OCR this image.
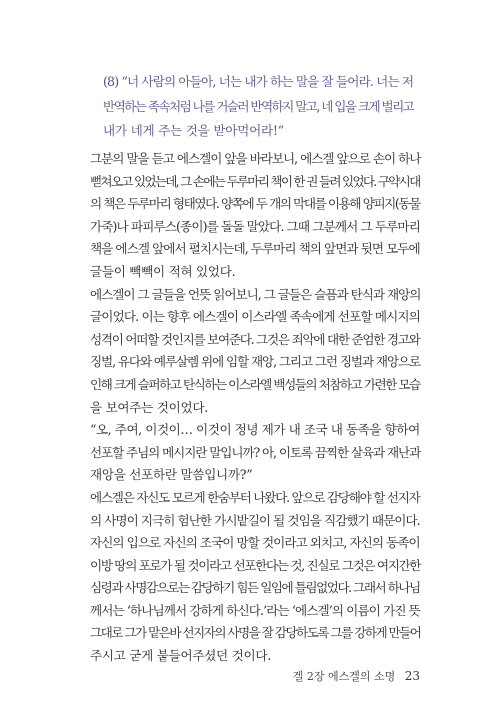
(8) “너 사람의 아들아, 너는 내가 하는 말을 잘 들어라. 너는 저
반역하는 족속처럼 나를 거슬러 반역하지 말고, 네 입을 크게 벌리고
내가 네게 주는 것을 받아먹어라!”
그분의 말을 듣고 에스겔이 앞을 바라보니, 에스겔 앞으로 손이 하나
뻗쳐오고 있었는데, 그 손에는 두루마리 책이 한 권 들려 있었다. 구약시대
의 책은 두루마리 형태였다. 양쪽에 두 개의 막대를 이용해 양피지(동물
가죽)나 파피루스(종이)를 돌돌 말았다. 그때 그분께서 그 두루마리
책을 에스겔 앞에서 펼치시는데, 두루마리 책의 앞면과 뒷면 모두에
글들이 빽빽이 적혀 있었다.
에스겔이 그 글들을 언뜻 읽어보니, 그 글들은 슬픔과 탄식과 재앙의
글이었다. 이는 향후 에스겔이 이스라엘 족속에게 선포할 메시지의
성격이 어떠할 것인지를 보여준다. 그것은 죄악에 대한 준엄한 경고와
징벌, 유다와 예루살렘 위에 임할 재앙, 그리고 그런 징벌과 재앙으로
인해 크게 슬퍼하고 탄식하는 이스라엘 백성들의 처참하고 가련한 모습
을 보여주는 것이었다.
“오, 주여, 이것이… 이것이 정녕 제가 내 조국 내 동족을 향하여
선포할 주님의 메시지란 말입니까? 아, 이토록 끔찍한 살육과 재난과
재앙을 선포하란 말씀입니까?”
에스겔은 자신도 모르게 한숨부터 나왔다. 앞으로 감당해야 할 선지자
의 사명이 지극히 험난한 가시밭길이 될 것임을 직감했기 때문이다.
자신의 입으로 자신의 조국이 망할 것이라고 외치고, 자신의 동족이
이방 땅의 포로가 될 것이라고 선포한다는 것, 진실로 그것은 여지간한
심령과 사명감으로는 감당하기 힘든 일임에 틀림없었다. 그래서 하나님
께서는 ‘하나님께서 강하게 하신다.’라는 ‘에스겔’의 이름이 가진 뜻
그대로 그가 맡은바 선지자의 사명을 잘 감당하도록 그를 강하게 만들어
주시고 굳게 붙들어주셨던 것이다.
겔 2장 에스겔의 소명 23
